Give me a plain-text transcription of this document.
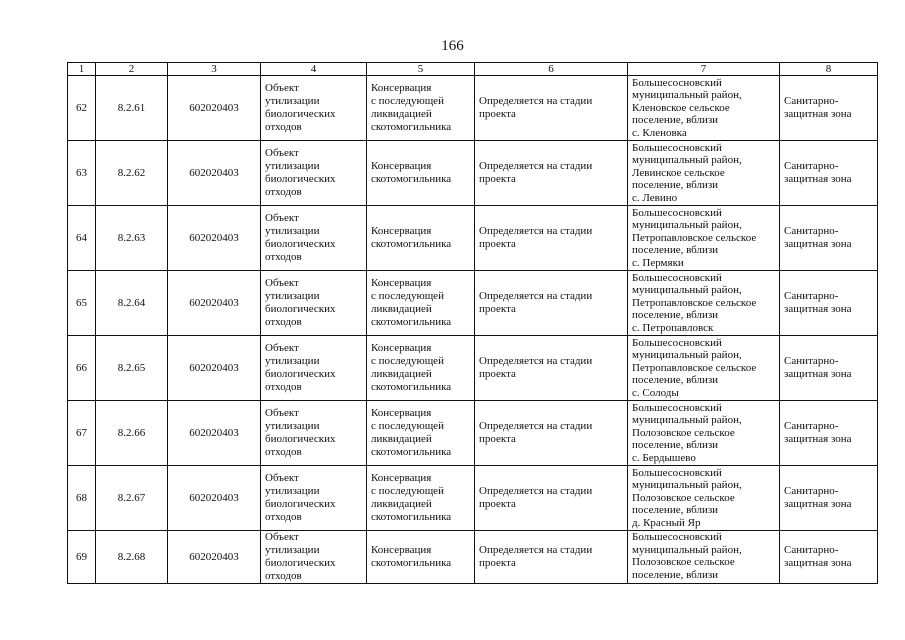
166
1	2	3	4	5	6	7	8
62	8.2.61	602020403	Объект
утилизации
биологических
отходов	Консервация
с последующей
ликвидацией
скотомогильника	Определяется на стадии
проекта	Большесосновский
муниципальный район,
Кленовское сельское
поселение, вблизи
с. Кленовка	Санитарно-
защитная зона

63	8.2.62	602020403	Объект
утилизации
биологических
отходов	Консервация
скотомогильника	Определяется на стадии
проекта	Большесосновский
муниципальный район,
Левинское сельское
поселение, вблизи
с. Левино	Санитарно-
защитная зона

64	8.2.63	602020403	Объект
утилизации
биологических
отходов	Консервация
скотомогильника	Определяется на стадии
проекта	Большесосновский
муниципальный район,
Петропавловское сельское
поселение, вблизи
с. Пермяки	Санитарно-
защитная зона

65	8.2.64	602020403	Объект
утилизации
биологических
отходов	Консервация
с последующей
ликвидацией
скотомогильника	Определяется на стадии
проекта	Большесосновский
муниципальный район,
Петропавловское сельское
поселение, вблизи
с. Петропавловск	Санитарно-
защитная зона

66	8.2.65	602020403	Объект
утилизации
биологических
отходов	Консервация
с последующей
ликвидацией
скотомогильника	Определяется на стадии
проекта	Большесосновский
муниципальный район,
Петропавловское сельское
поселение, вблизи
с. Солоды	Санитарно-
защитная зона

67	8.2.66	602020403	Объект
утилизации
биологических
отходов	Консервация
с последующей
ликвидацией
скотомогильника	Определяется на стадии
проекта	Большесосновский
муниципальный район,
Полозовское сельское
поселение, вблизи
с. Бердышево	Санитарно-
защитная зона

68	8.2.67	602020403	Объект
утилизации
биологических
отходов	Консервация
с последующей
ликвидацией
скотомогильника	Определяется на стадии
проекта	Большесосновский
муниципальный район,
Полозовское сельское
поселение, вблизи
д. Красный Яр	Санитарно-
защитная зона

69	8.2.68	602020403	Объект
утилизации
биологических
отходов	Консервация
скотомогильника	Определяется на стадии
проекта	Большесосновский
муниципальный район,
Полозовское сельское
поселение, вблизи	Санитарно-
защитная зона
